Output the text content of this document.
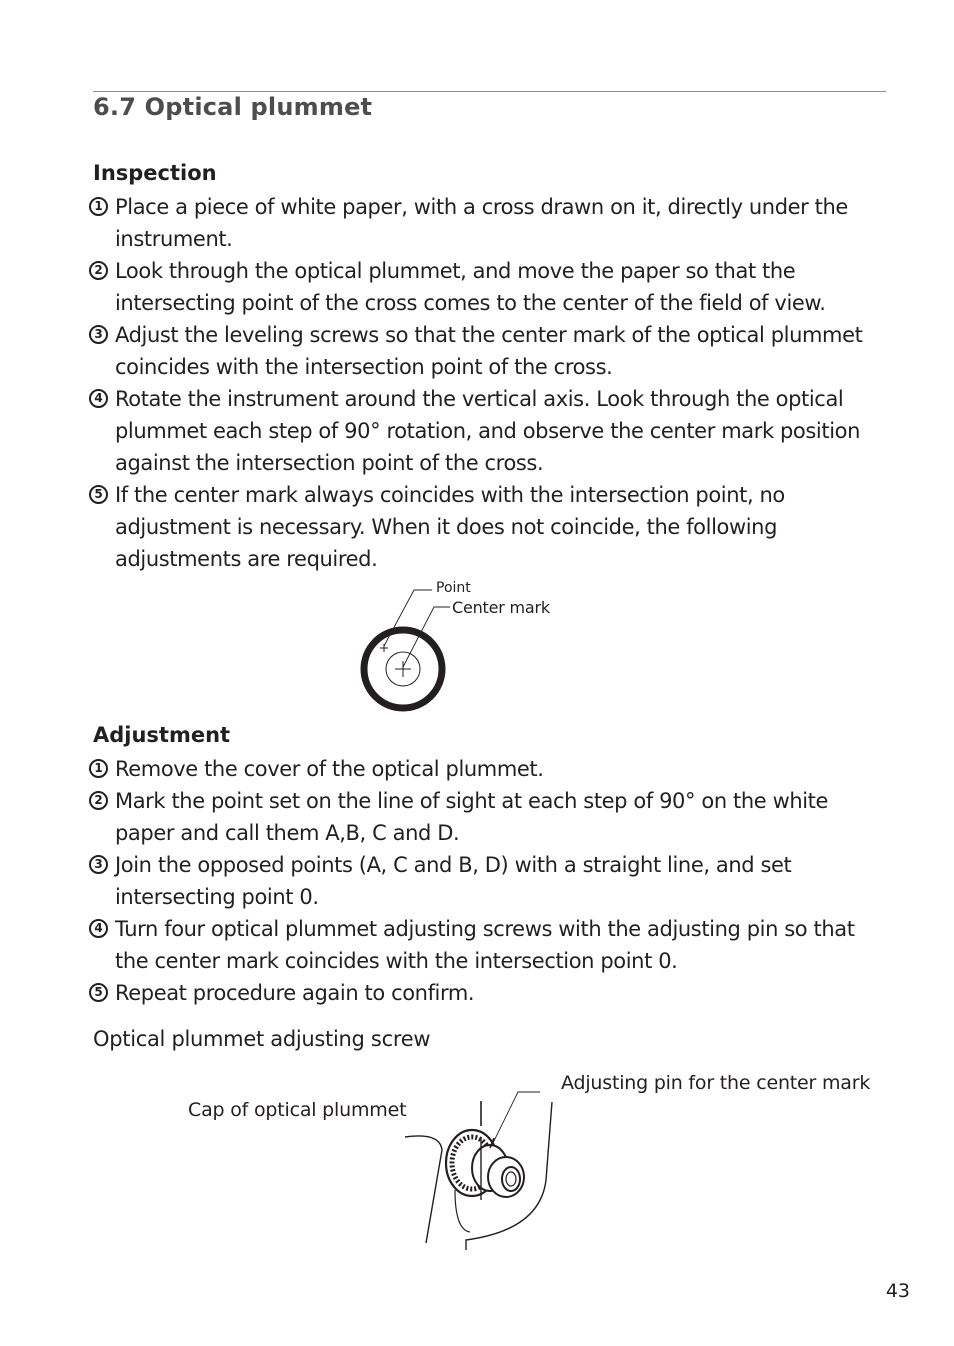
6.7 Optical plummet
Inspection
1 Place a piece of white paper, with a cross drawn on it, directly under the instrument.
2 Look through the optical plummet, and move the paper so that the intersecting point of the cross comes to the center of the field of view.
3 Adjust the leveling screws so that the center mark of the optical plummet coincides with the intersection point of the cross.
4 Rotate the instrument around the vertical axis. Look through the optical plummet each step of 90° rotation, and observe the center mark position against the intersection point of the cross.
5 If the center mark always coincides with the intersection point, no adjustment is necessary. When it does not coincide, the following adjustments are required.
Point
Center mark
Adjustment
1 Remove the cover of the optical plummet.
2 Mark the point set on the line of sight at each step of 90° on the white paper and call them A,B, C and D.
3 Join the opposed points (A, C and B, D) with a straight line, and set intersecting point 0.
4 Turn four optical plummet adjusting screws with the adjusting pin so that the center mark coincides with the intersection point 0.
5 Repeat procedure again to confirm.
Optical plummet adjusting screw
Adjusting pin for the center mark
Cap of optical plummet
43
